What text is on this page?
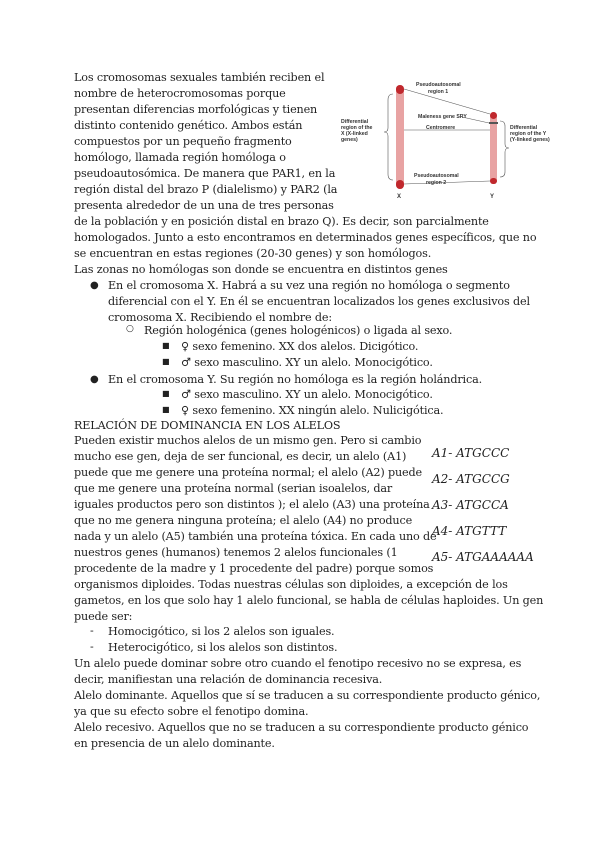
Los cromosomas sexuales también reciben el
nombre de heterocromosomas porque
presentan diferencias morfológicas y tienen
distinto contenido genético. Ambos están
compuestos por un pequeño fragmento
homólogo, llamada región homóloga o
pseudoautosómica. De manera que PAR1, en la
región distal del brazo P (dialelismo) y PAR2 (la
presenta alrededor de un una de tres personas
de la población y en posición distal en brazo Q). Es decir, son parcialmente
homologados. Junto a esto encontramos en determinados genes específicos, que no
se encuentran en estas regiones (20-30 genes) y son homólogos.
Las zonas no homólogas son donde se encuentra en distintos genes
Pseudoautosomal
region 1
Maleness gene SRY
Centromere
Pseudoautosomal
region 2
Differential
region of the
X (X-linked
genes)
Differential
region of the Y
(Y-linked genes)
X	Y
● En el cromosoma X. Habrá a su vez una región no homóloga o segmento
diferencial con el Y. En él se encuentran localizados los genes exclusivos del
cromosoma X. Recibiendo el nombre de:
○ Región hologénica (genes hologénicos) o ligada al sexo.
■ ♀ sexo femenino. XX dos alelos. Dicigótico.
■ ♂ sexo masculino. XY un alelo. Monocigótico.
● En el cromosoma Y. Su región no homóloga es la región holándrica.
■ ♂ sexo masculino. XY un alelo. Monocigótico.
■ ♀ sexo femenino. XX ningún alelo. Nulicigótica.
RELACIÓN DE DOMINANCIA EN LOS ALELOS
Pueden existir muchos alelos de un mismo gen. Pero si cambio
mucho ese gen, deja de ser funcional, es decir, un alelo (A1)
puede que me genere una proteína normal; el alelo (A2) puede
que me genere una proteína normal (serian isoalelos, dar
iguales productos pero son distintos ); el alelo (A3) una proteína
que no me genera ninguna proteína; el alelo (A4) no produce
nada y un alelo (A5) también una proteína tóxica. En cada uno de
nuestros genes (humanos) tenemos 2 alelos funcionales (1
procedente de la madre y 1 procedente del padre) porque somos
organismos diploides. Todas nuestras células son diploides, a excepción de los
gametos, en los que solo hay 1 alelo funcional, se habla de células haploides. Un gen
puede ser:
A1- ATGCCC
A2- ATGCCG
A3- ATGCCA
A4- ATGTTT
A5- ATGAAAAAA
- Homocigótico, si los 2 alelos son iguales.
- Heterocigótico, si los alelos son distintos.
Un alelo puede dominar sobre otro cuando el fenotipo recesivo no se expresa, es
decir, manifiestan una relación de dominancia recesiva.
Alelo dominante. Aquellos que sí se traducen a su correspondiente producto génico,
ya que su efecto sobre el fenotipo domina.
Alelo recesivo. Aquellos que no se traducen a su correspondiente producto génico
en presencia de un alelo dominante.
